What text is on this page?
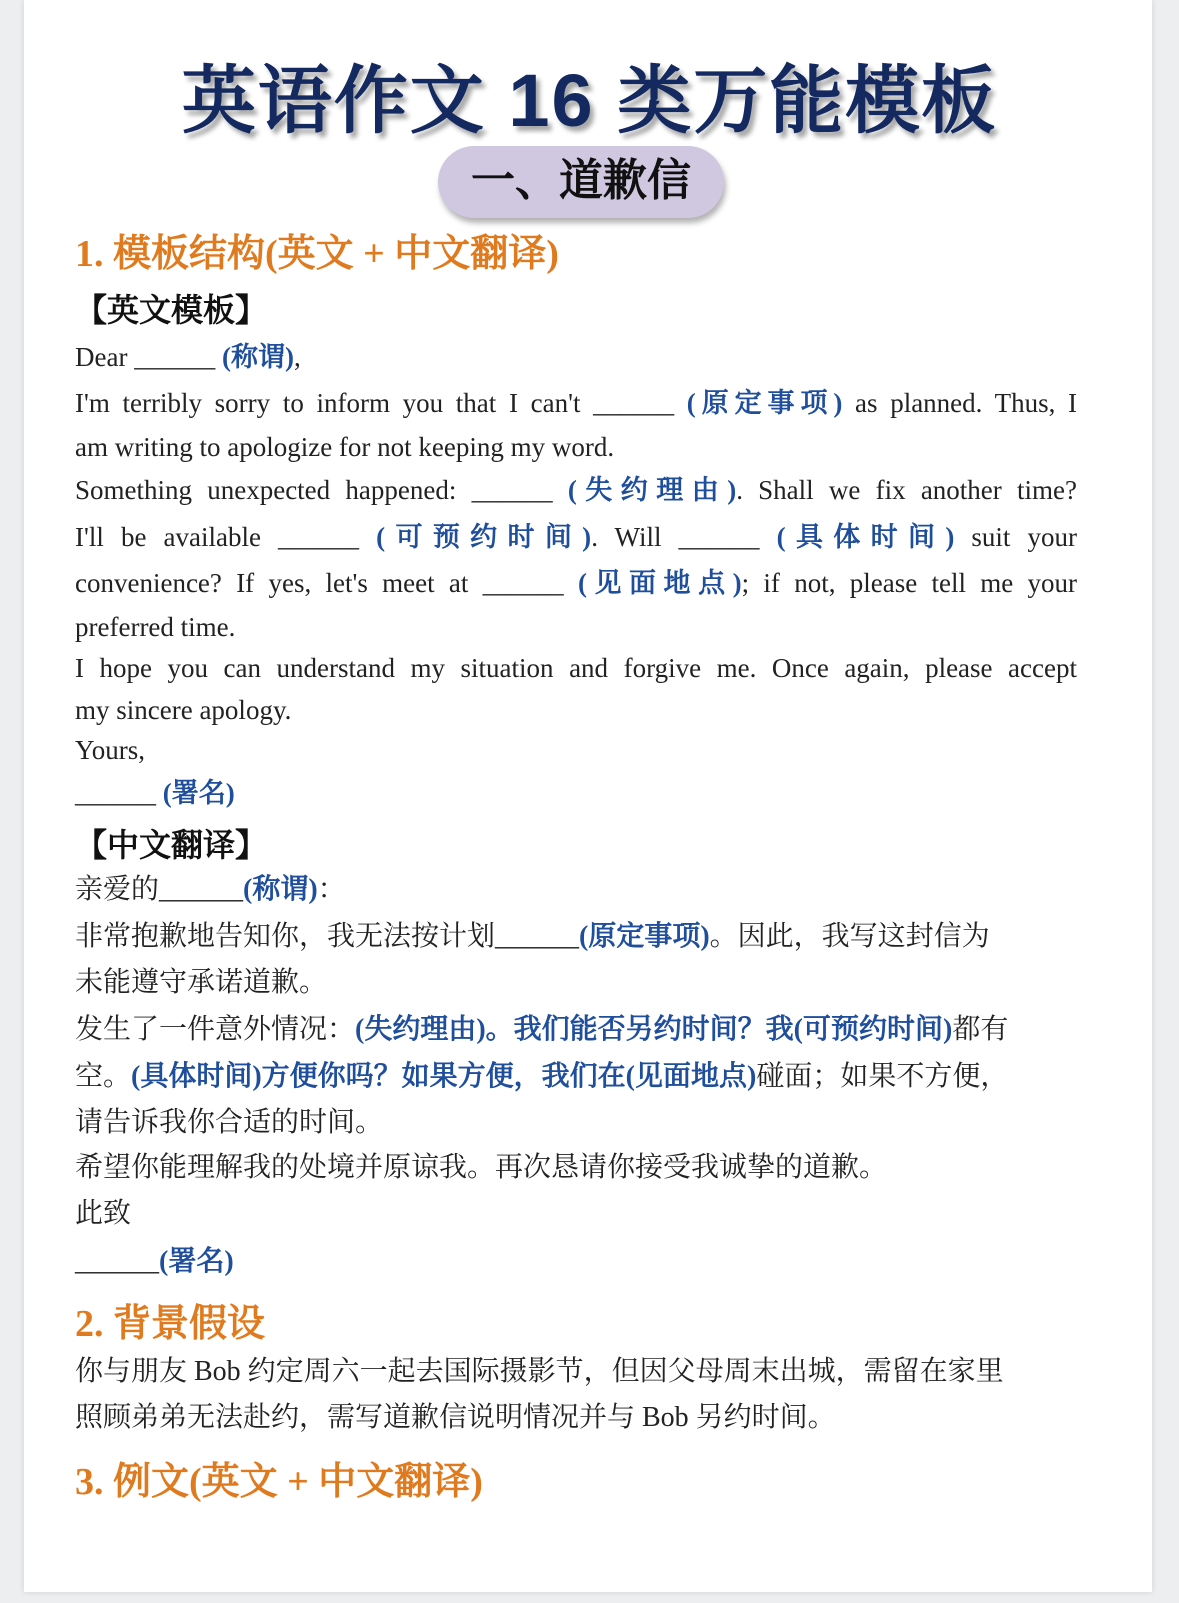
英语作文 16 类万能模板
一、道歉信
1. 模板结构(英文 + 中文翻译)
【英文模板】
Dear ______ (称谓),
I'm terribly sorry to inform you that I can't ______ (原定事项) as planned. Thus, I
am writing to apologize for not keeping my word.
Something unexpected happened: ______ (失约理由). Shall we fix another time?
I'll be available ______ (可预约时间). Will ______ (具体时间) suit your
convenience? If yes, let's meet at ______ (见面地点); if not, please tell me your
preferred time.
I hope you can understand my situation and forgive me. Once again, please accept
my sincere apology.
Yours,
______ (署名)
【中文翻译】
亲爱的______(称谓)：
非常抱歉地告知你，我无法按计划______(原定事项)。因此，我写这封信为
未能遵守承诺道歉。
发生了一件意外情况：(失约理由)。我们能否另约时间？我(可预约时间)都有
空。(具体时间)方便你吗？如果方便，我们在(见面地点)碰面；如果不方便，
请告诉我你合适的时间。
希望你能理解我的处境并原谅我。再次恳请你接受我诚挚的道歉。
此致
______(署名)
2. 背景假设
你与朋友 Bob 约定周六一起去国际摄影节，但因父母周末出城，需留在家里
照顾弟弟无法赴约，需写道歉信说明情况并与 Bob 另约时间。
3. 例文(英文 + 中文翻译)
